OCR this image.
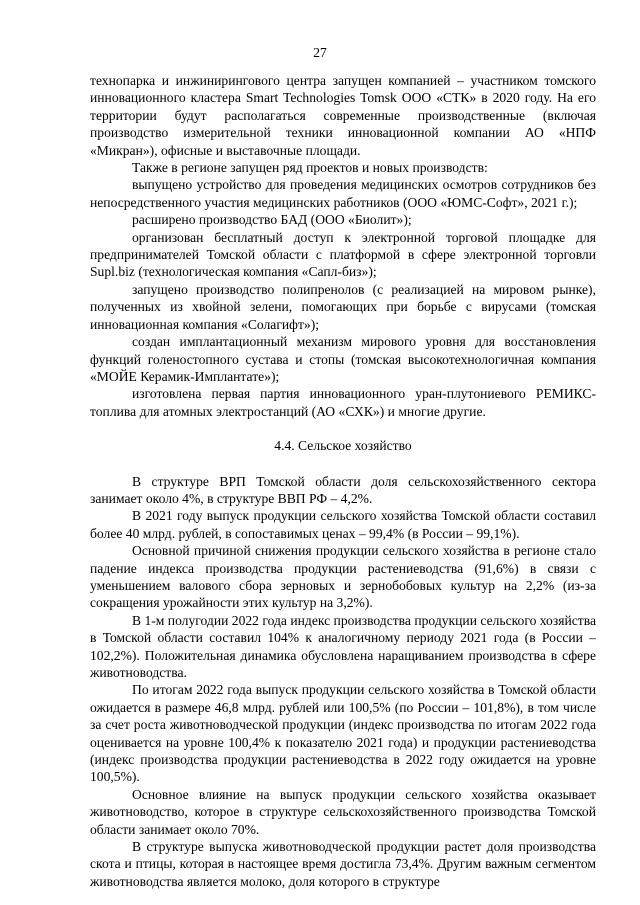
27

технопарка и инжинирингового центра запущен компанией – участником томского инновационного кластера Smart Technologies Tomsk ООО «СТК» в 2020 году. На его территории будут располагаться современные производственные (включая производство измерительной техники инновационной компании АО «НПФ «Микран»), офисные и выставочные площади.

Также в регионе запущен ряд проектов и новых производств:

выпущено устройство для проведения медицинских осмотров сотрудников без непосредственного участия медицинских работников (ООО «ЮМС-Софт», 2021 г.);

расширено производство БАД (ООО «Биолит»);

организован бесплатный доступ к электронной торговой площадке для предпринимателей Томской области с платформой в сфере электронной торговли Supl.biz (технологическая компания «Сапл-биз»);

запущено производство полипренолов (с реализацией на мировом рынке), полученных из хвойной зелени, помогающих при борьбе с вирусами (томская инновационная компания «Солагифт»);

создан имплантационный механизм мирового уровня для восстановления функций голеностопного сустава и стопы (томская высокотехнологичная компания «МОЙЕ Керамик-Имплантате»);

изготовлена первая партия инновационного уран-плутониевого РЕМИКС-топлива для атомных электростанций (АО «СХК») и многие другие.

4.4. Сельское хозяйство

В структуре ВРП Томской области доля сельскохозяйственного сектора занимает около 4%, в структуре ВВП РФ – 4,2%.

В 2021 году выпуск продукции сельского хозяйства Томской области составил более 40 млрд. рублей, в сопоставимых ценах – 99,4% (в России – 99,1%).

Основной причиной снижения продукции сельского хозяйства в регионе стало падение индекса производства продукции растениеводства (91,6%) в связи с уменьшением валового сбора зерновых и зернобобовых культур на 2,2% (из-за сокращения урожайности этих культур на 3,2%).

В 1-м полугодии 2022 года индекс производства продукции сельского хозяйства в Томской области составил 104% к аналогичному периоду 2021 года (в России – 102,2%). Положительная динамика обусловлена наращиванием производства в сфере животноводства.

По итогам 2022 года выпуск продукции сельского хозяйства в Томской области ожидается в размере 46,8 млрд. рублей или 100,5% (по России – 101,8%), в том числе за счет роста животноводческой продукции (индекс производства по итогам 2022 года оценивается на уровне 100,4% к показателю 2021 года) и продукции растениеводства (индекс производства продукции растениеводства в 2022 году ожидается на уровне 100,5%).

Основное влияние на выпуск продукции сельского хозяйства оказывает животноводство, которое в структуре сельскохозяйственного производства Томской области занимает около 70%.

В структуре выпуска животноводческой продукции растет доля производства скота и птицы, которая в настоящее время достигла 73,4%. Другим важным сегментом животноводства является молоко, доля которого в структуре
